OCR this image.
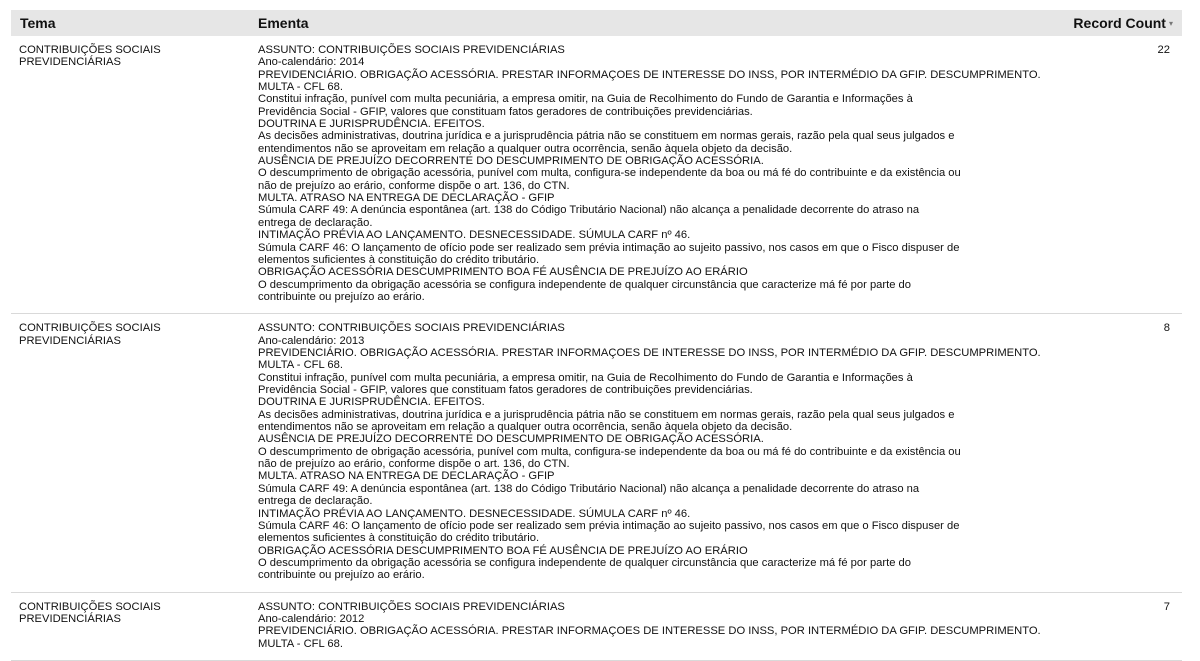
Tema	Ementa	Record Count ▾
CONTRIBUIÇÕES SOCIAIS
PREVIDENCIÁRIAS
ASSUNTO: CONTRIBUIÇÕES SOCIAIS PREVIDENCIÁRIAS
Ano-calendário: 2014
PREVIDENCIÁRIO. OBRIGAÇÃO ACESSÓRIA. PRESTAR INFORMAÇOES DE INTERESSE DO INSS, POR INTERMÉDIO DA GFIP. DESCUMPRIMENTO.
MULTA - CFL 68.
Constitui infração, punível com multa pecuniária, a empresa omitir, na Guia de Recolhimento do Fundo de Garantia e Informações à
Previdência Social - GFIP, valores que constituam fatos geradores de contribuições previdenciárias.
DOUTRINA E JURISPRUDÊNCIA. EFEITOS.
As decisões administrativas, doutrina jurídica e a jurisprudência pátria não se constituem em normas gerais, razão pela qual seus julgados e
entendimentos não se aproveitam em relação a qualquer outra ocorrência, senão àquela objeto da decisão.
AUSÊNCIA DE PREJUÍZO DECORRENTE DO DESCUMPRIMENTO DE OBRIGAÇÃO ACESSÓRIA.
O descumprimento de obrigação acessória, punível com multa, configura-se independente da boa ou má fé do contribuinte e da existência ou
não de prejuízo ao erário, conforme dispõe o art. 136, do CTN.
MULTA. ATRASO NA ENTREGA DE DECLARAÇÃO - GFIP
Súmula CARF 49: A denúncia espontânea (art. 138 do Código Tributário Nacional) não alcança a penalidade decorrente do atraso na
entrega de declaração.
INTIMAÇÃO PRÉVIA AO LANÇAMENTO. DESNECESSIDADE. SÚMULA CARF nº 46.
Súmula CARF 46: O lançamento de ofício pode ser realizado sem prévia intimação ao sujeito passivo, nos casos em que o Fisco dispuser de
elementos suficientes à constituição do crédito tributário.
OBRIGAÇÃO ACESSÓRIA DESCUMPRIMENTO BOA FÉ AUSÊNCIA DE PREJUÍZO AO ERÁRIO
O descumprimento da obrigação acessória se configura independente de qualquer circunstância que caracterize má fé por parte do
contribuinte ou prejuízo ao erário.
22
CONTRIBUIÇÕES SOCIAIS
PREVIDENCIÁRIAS
ASSUNTO: CONTRIBUIÇÕES SOCIAIS PREVIDENCIÁRIAS
Ano-calendário: 2013
PREVIDENCIÁRIO. OBRIGAÇÃO ACESSÓRIA. PRESTAR INFORMAÇOES DE INTERESSE DO INSS, POR INTERMÉDIO DA GFIP. DESCUMPRIMENTO.
MULTA - CFL 68.
Constitui infração, punível com multa pecuniária, a empresa omitir, na Guia de Recolhimento do Fundo de Garantia e Informações à
Previdência Social - GFIP, valores que constituam fatos geradores de contribuições previdenciárias.
DOUTRINA E JURISPRUDÊNCIA. EFEITOS.
As decisões administrativas, doutrina jurídica e a jurisprudência pátria não se constituem em normas gerais, razão pela qual seus julgados e
entendimentos não se aproveitam em relação a qualquer outra ocorrência, senão àquela objeto da decisão.
AUSÊNCIA DE PREJUÍZO DECORRENTE DO DESCUMPRIMENTO DE OBRIGAÇÃO ACESSÓRIA.
O descumprimento de obrigação acessória, punível com multa, configura-se independente da boa ou má fé do contribuinte e da existência ou
não de prejuízo ao erário, conforme dispõe o art. 136, do CTN.
MULTA. ATRASO NA ENTREGA DE DECLARAÇÃO - GFIP
Súmula CARF 49: A denúncia espontânea (art. 138 do Código Tributário Nacional) não alcança a penalidade decorrente do atraso na
entrega de declaração.
INTIMAÇÃO PRÉVIA AO LANÇAMENTO. DESNECESSIDADE. SÚMULA CARF nº 46.
Súmula CARF 46: O lançamento de ofício pode ser realizado sem prévia intimação ao sujeito passivo, nos casos em que o Fisco dispuser de
elementos suficientes à constituição do crédito tributário.
OBRIGAÇÃO ACESSÓRIA DESCUMPRIMENTO BOA FÉ AUSÊNCIA DE PREJUÍZO AO ERÁRIO
O descumprimento da obrigação acessória se configura independente de qualquer circunstância que caracterize má fé por parte do
contribuinte ou prejuízo ao erário.
8
CONTRIBUIÇÕES SOCIAIS
PREVIDENCIÁRIAS
ASSUNTO: CONTRIBUIÇÕES SOCIAIS PREVIDENCIÁRIAS
Ano-calendário: 2012
PREVIDENCIÁRIO. OBRIGAÇÃO ACESSÓRIA. PRESTAR INFORMAÇOES DE INTERESSE DO INSS, POR INTERMÉDIO DA GFIP. DESCUMPRIMENTO.
MULTA - CFL 68.
7
